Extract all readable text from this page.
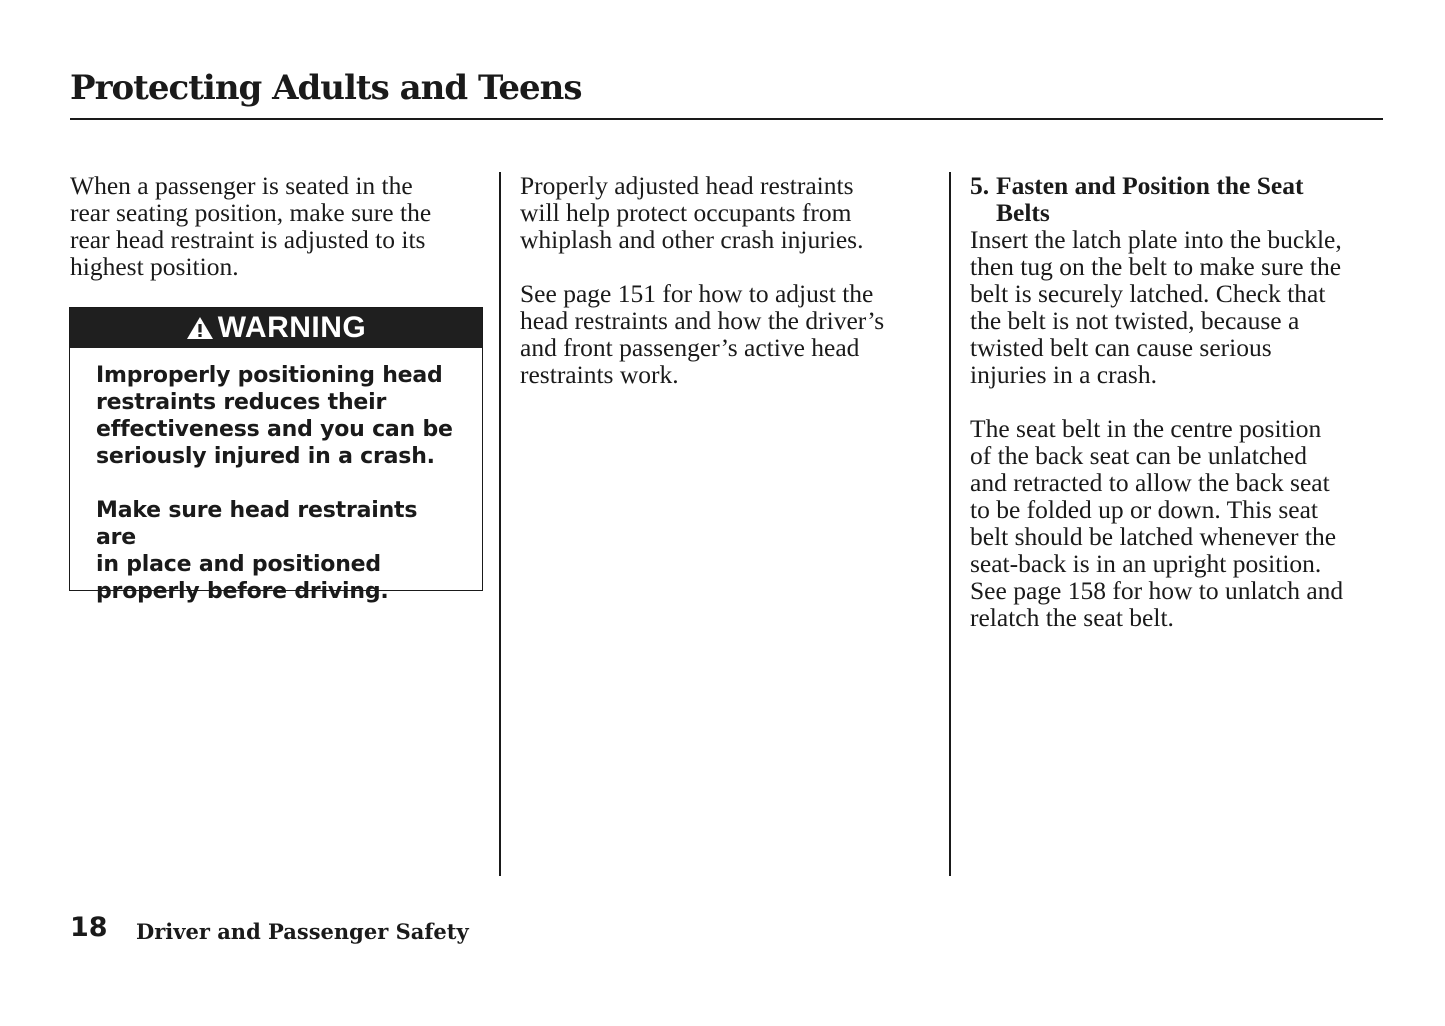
Protecting Adults and Teens

When a passenger is seated in the
rear seating position, make sure the
rear head restraint is adjusted to its
highest position.

WARNING

Improperly positioning head
restraints reduces their
effectiveness and you can be
seriously injured in a crash.

Make sure head restraints are
in place and positioned
properly before driving.

Properly adjusted head restraints
will help protect occupants from
whiplash and other crash injuries.

See page 151 for how to adjust the
head restraints and how the driver’s
and front passenger’s active head
restraints work.

5. Fasten and Position the Seat
Belts

Insert the latch plate into the buckle,
then tug on the belt to make sure the
belt is securely latched. Check that
the belt is not twisted, because a
twisted belt can cause serious
injuries in a crash.

The seat belt in the centre position
of the back seat can be unlatched
and retracted to allow the back seat
to be folded up or down. This seat
belt should be latched whenever the
seat-back is in an upright position.
See page 158 for how to unlatch and
relatch the seat belt.

18 Driver and Passenger Safety
